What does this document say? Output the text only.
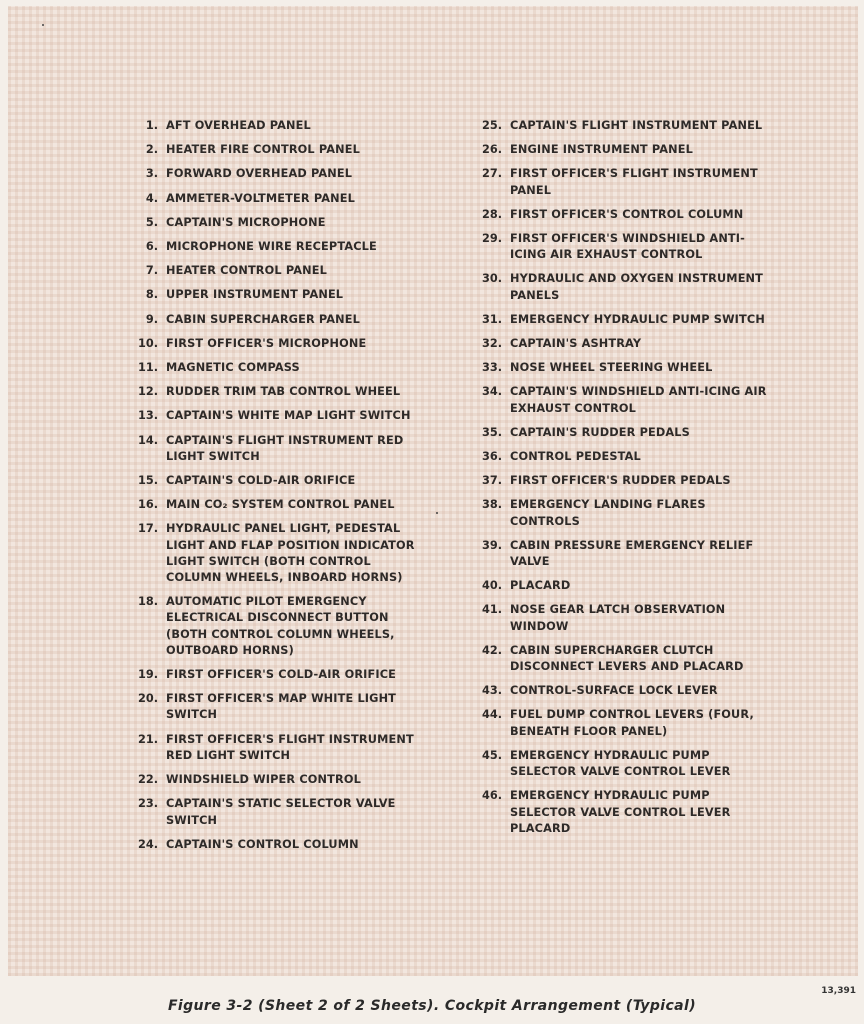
1. AFT OVERHEAD PANEL
2. HEATER FIRE CONTROL PANEL
3. FORWARD OVERHEAD PANEL
4. AMMETER-VOLTMETER PANEL
5. CAPTAIN'S MICROPHONE
6. MICROPHONE WIRE RECEPTACLE
7. HEATER CONTROL PANEL
8. UPPER INSTRUMENT PANEL
9. CABIN SUPERCHARGER PANEL
10. FIRST OFFICER'S MICROPHONE
11. MAGNETIC COMPASS
12. RUDDER TRIM TAB CONTROL WHEEL
13. CAPTAIN'S WHITE MAP LIGHT SWITCH
14. CAPTAIN'S FLIGHT INSTRUMENT RED LIGHT SWITCH
15. CAPTAIN'S COLD-AIR ORIFICE
16. MAIN CO₂ SYSTEM CONTROL PANEL
17. HYDRAULIC PANEL LIGHT, PEDESTAL LIGHT AND FLAP POSITION INDICATOR LIGHT SWITCH (BOTH CONTROL COLUMN WHEELS, INBOARD HORNS)
18. AUTOMATIC PILOT EMERGENCY ELECTRICAL DISCONNECT BUTTON (BOTH CONTROL COLUMN WHEELS, OUTBOARD HORNS)
19. FIRST OFFICER'S COLD-AIR ORIFICE
20. FIRST OFFICER'S MAP WHITE LIGHT SWITCH
21. FIRST OFFICER'S FLIGHT INSTRUMENT RED LIGHT SWITCH
22. WINDSHIELD WIPER CONTROL
23. CAPTAIN'S STATIC SELECTOR VALVE SWITCH
24. CAPTAIN'S CONTROL COLUMN
25. CAPTAIN'S FLIGHT INSTRUMENT PANEL
26. ENGINE INSTRUMENT PANEL
27. FIRST OFFICER'S FLIGHT INSTRUMENT PANEL
28. FIRST OFFICER'S CONTROL COLUMN
29. FIRST OFFICER'S WINDSHIELD ANTI-ICING AIR EXHAUST CONTROL
30. HYDRAULIC AND OXYGEN INSTRUMENT PANELS
31. EMERGENCY HYDRAULIC PUMP SWITCH
32. CAPTAIN'S ASHTRAY
33. NOSE WHEEL STEERING WHEEL
34. CAPTAIN'S WINDSHIELD ANTI-ICING AIR EXHAUST CONTROL
35. CAPTAIN'S RUDDER PEDALS
36. CONTROL PEDESTAL
37. FIRST OFFICER'S RUDDER PEDALS
38. EMERGENCY LANDING FLARES CONTROLS
39. CABIN PRESSURE EMERGENCY RELIEF VALVE
40. PLACARD
41. NOSE GEAR LATCH OBSERVATION WINDOW
42. CABIN SUPERCHARGER CLUTCH DISCONNECT LEVERS AND PLACARD
43. CONTROL-SURFACE LOCK LEVER
44. FUEL DUMP CONTROL LEVERS (FOUR, BENEATH FLOOR PANEL)
45. EMERGENCY HYDRAULIC PUMP SELECTOR VALVE CONTROL LEVER
46. EMERGENCY HYDRAULIC PUMP SELECTOR VALVE CONTROL LEVER PLACARD
Figure 3-2 (Sheet 2 of 2 Sheets). Cockpit Arrangement (Typical)
13,391
